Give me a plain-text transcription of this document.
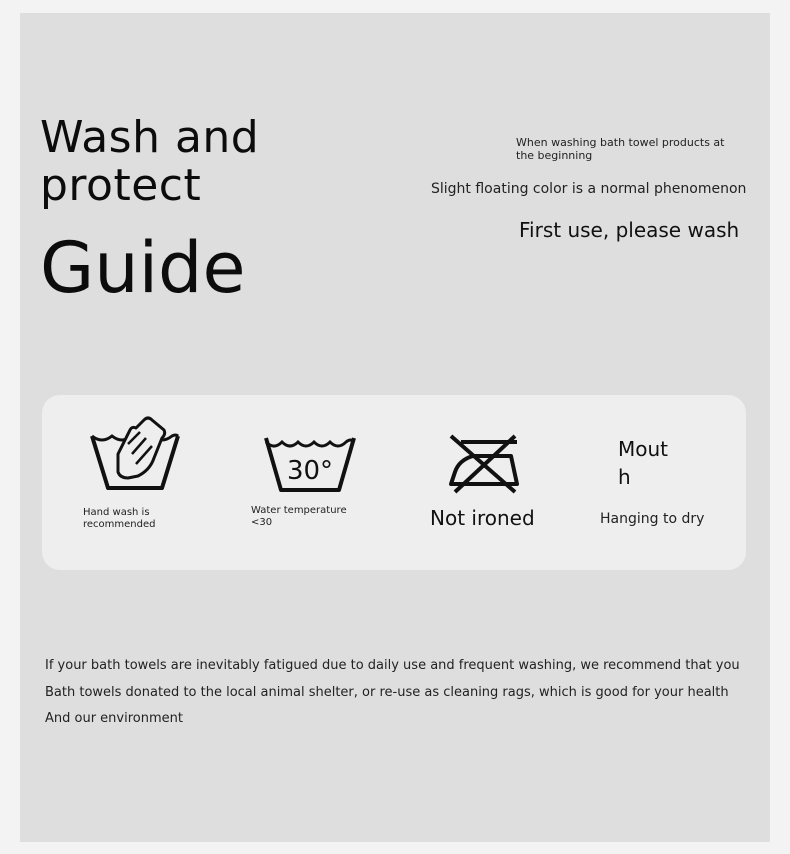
Wash and
protect
Guide
When washing bath towel products at the beginning
Slight floating color is a normal phenomenon
First use, please wash
Hand wash is recommended
30°
Water temperature
<30	Not ironed
Mout
h
Hanging to dry
If your bath towels are inevitably fatigued due to daily use and frequent washing, we recommend that you
Bath towels donated to the local animal shelter, or re-use as cleaning rags, which is good for your health
And our environment
